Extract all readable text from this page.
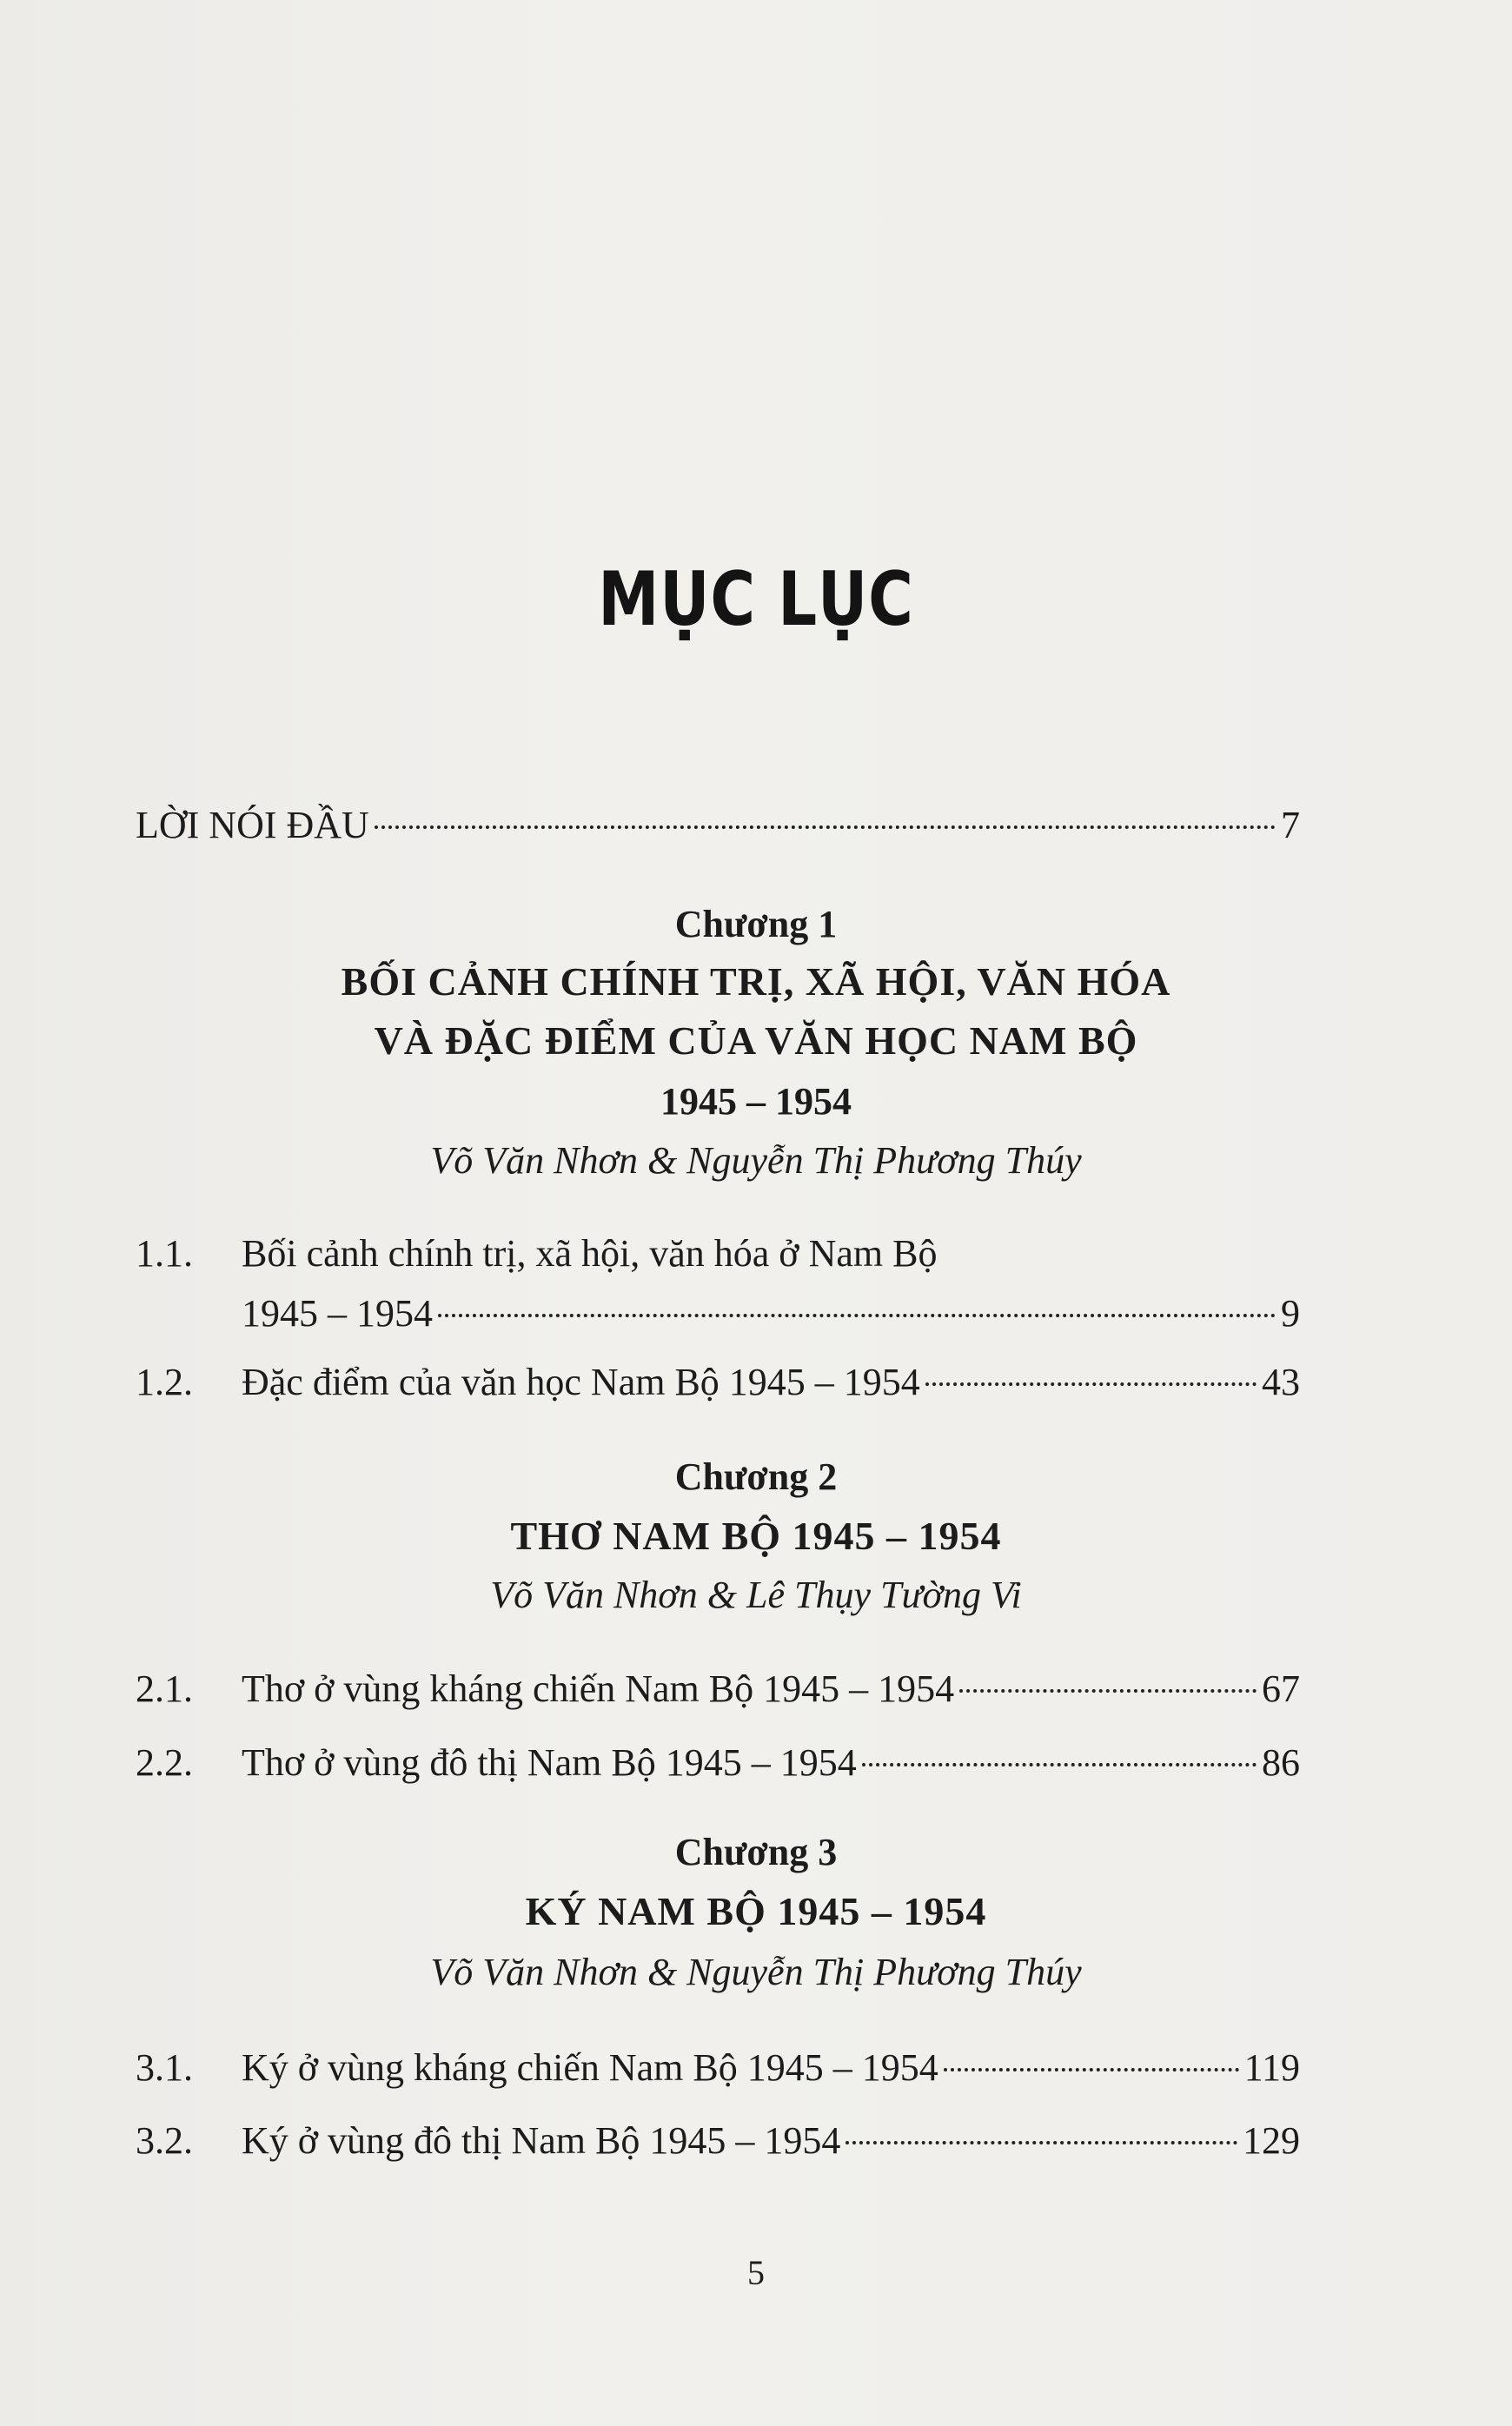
MỤC LỤC
LỜI NÓI ĐẦU	7
Chương 1
BỐI CẢNH CHÍNH TRỊ, XÃ HỘI, VĂN HÓA
VÀ ĐẶC ĐIỂM CỦA VĂN HỌC NAM BỘ
1945 – 1954
Võ Văn Nhơn & Nguyễn Thị Phương Thúy
1.1.	Bối cảnh chính trị, xã hội, văn hóa ở Nam Bộ
1945 – 1954	9
1.2.	Đặc điểm của văn học Nam Bộ 1945 – 1954	43
Chương 2
THƠ NAM BỘ 1945 – 1954
Võ Văn Nhơn & Lê Thụy Tường Vi
2.1.	Thơ ở vùng kháng chiến Nam Bộ 1945 – 1954	67
2.2.	Thơ ở vùng đô thị Nam Bộ 1945 – 1954	86
Chương 3
KÝ NAM BỘ 1945 – 1954
Võ Văn Nhơn & Nguyễn Thị Phương Thúy
3.1.	Ký ở vùng kháng chiến Nam Bộ 1945 – 1954	119
3.2.	Ký ở vùng đô thị Nam Bộ 1945 – 1954	129
5
